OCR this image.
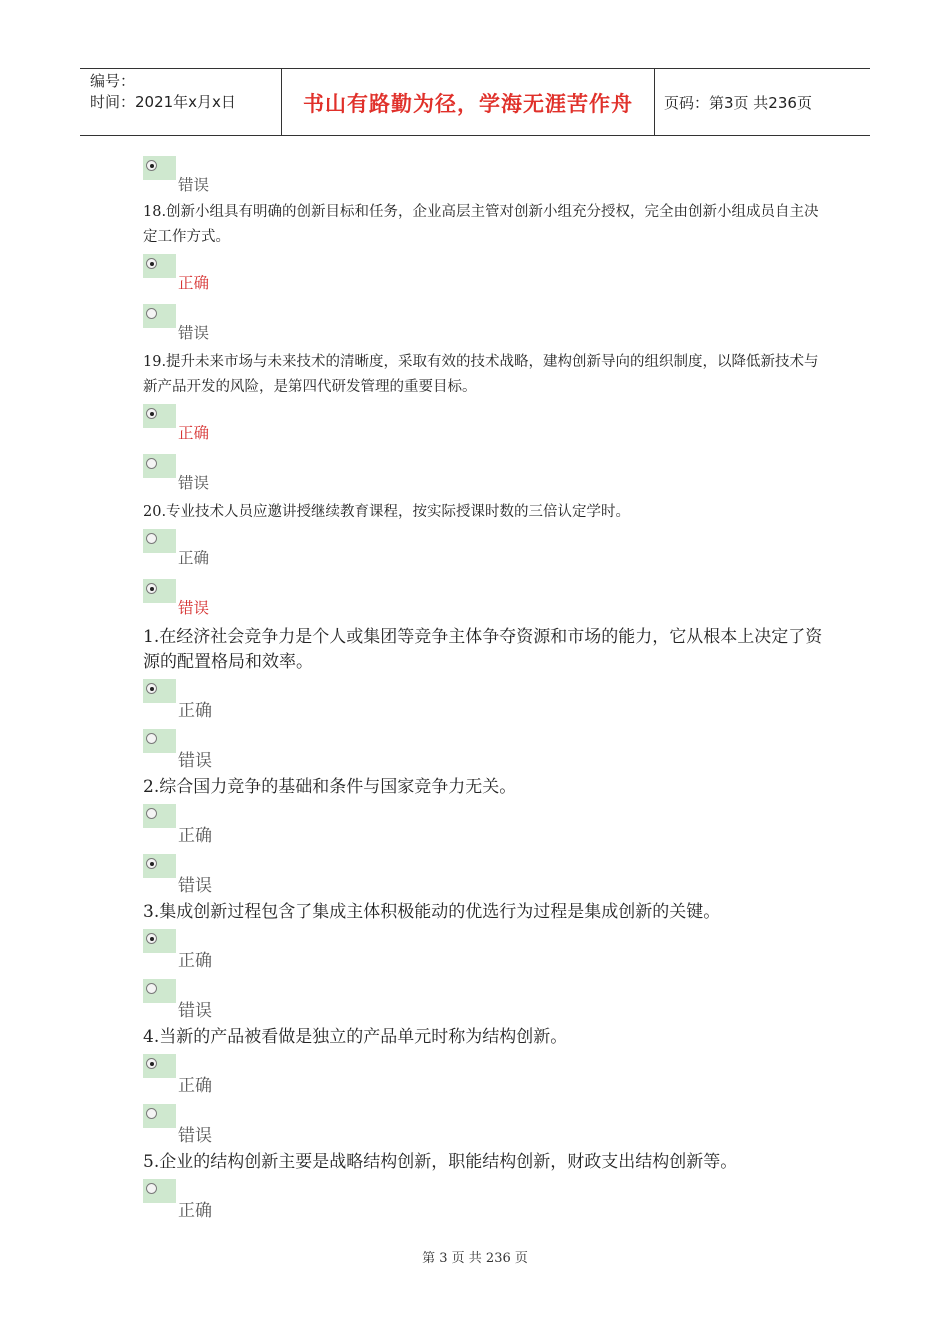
编号：
时间：2021年x月x日	书山有路勤为径，学海无涯苦作舟	页码：第3页 共236页
错误
18.创新小组具有明确的创新目标和任务，企业高层主管对创新小组充分授权，完全由创新小组成员自主决定工作方式。
正确
错误
19.提升未来市场与未来技术的清晰度，采取有效的技术战略，建构创新导向的组织制度，以降低新技术与新产品开发的风险，是第四代研发管理的重要目标。
正确
错误
20.专业技术人员应邀讲授继续教育课程，按实际授课时数的三倍认定学时。
正确
错误
1.在经济社会竞争力是个人或集团等竞争主体争夺资源和市场的能力，它从根本上决定了资源的配置格局和效率。
正确
错误
2.综合国力竞争的基础和条件与国家竞争力无关。
正确
错误
3.集成创新过程包含了集成主体积极能动的优选行为过程是集成创新的关键。
正确
错误
4.当新的产品被看做是独立的产品单元时称为结构创新。
正确
错误
5.企业的结构创新主要是战略结构创新，职能结构创新，财政支出结构创新等。
正确
第 3 页 共 236 页
